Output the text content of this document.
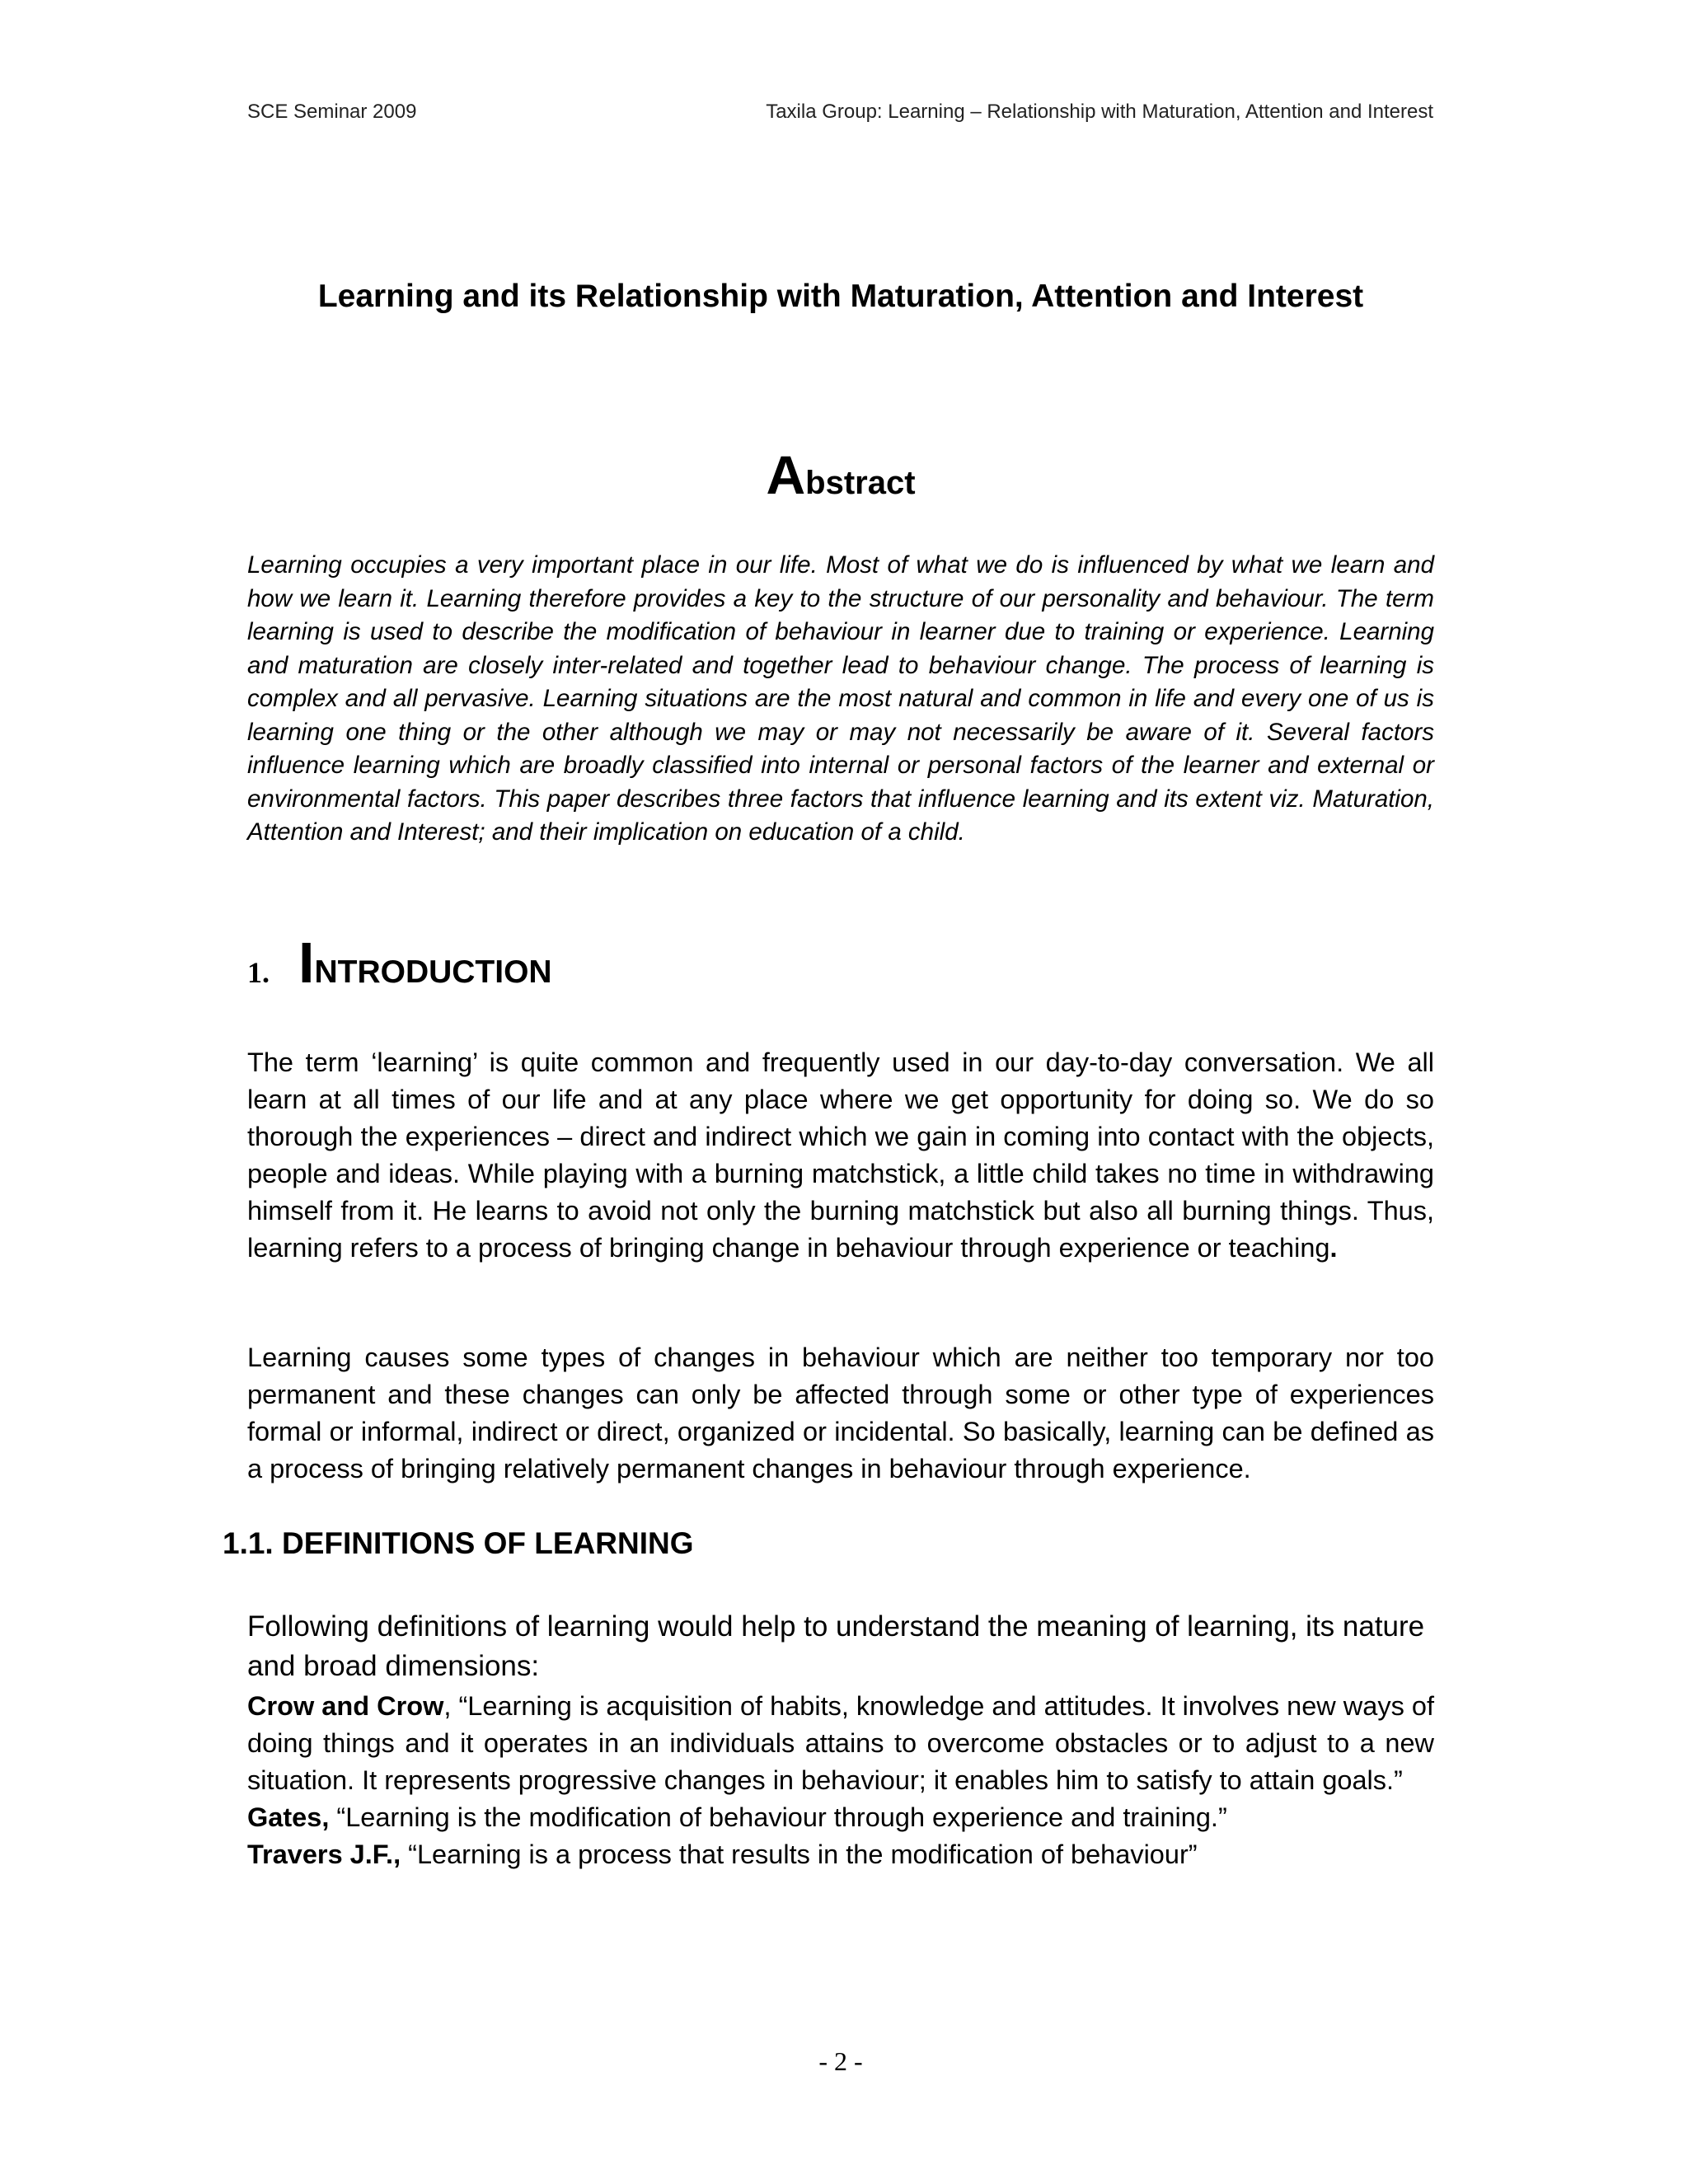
SCE Seminar 2009	Taxila Group: Learning – Relationship with Maturation, Attention and Interest
Learning and its Relationship with Maturation, Attention and Interest
Abstract
Learning occupies a very important place in our life. Most of what we do is influenced by what we learn and how we learn it. Learning therefore provides a key to the structure of our personality and behaviour. The term learning is used to describe the modification of behaviour in learner due to training or experience. Learning and maturation are closely inter-related and together lead to behaviour change. The process of learning is complex and all pervasive. Learning situations are the most natural and common in life and every one of us is learning one thing or the other although we may or may not necessarily be aware of it. Several factors influence learning which are broadly classified into internal or personal factors of the learner and external or environmental factors. This paper describes three factors that influence learning and its extent viz. Maturation, Attention and Interest; and their implication on education of a child.
1. INTRODUCTION
The term ‘learning’ is quite common and frequently used in our day-to-day conversation. We all learn at all times of our life and at any place where we get opportunity for doing so. We do so thorough the experiences – direct and indirect which we gain in coming into contact with the objects, people and ideas. While playing with a burning matchstick, a little child takes no time in withdrawing himself from it. He learns to avoid not only the burning matchstick but also all burning things. Thus, learning refers to a process of bringing change in behaviour through experience or teaching.
Learning causes some types of changes in behaviour which are neither too temporary nor too permanent and these changes can only be affected through some or other type of experiences formal or informal, indirect or direct, organized or incidental. So basically, learning can be defined as a process of bringing relatively permanent changes in behaviour through experience.
1.1. DEFINITIONS OF LEARNING
Following definitions of learning would help to understand the meaning of learning, its nature and broad dimensions:
Crow and Crow, “Learning is acquisition of habits, knowledge and attitudes. It involves new ways of doing things and it operates in an individuals attains to overcome obstacles or to adjust to a new situation. It represents progressive changes in behaviour; it enables him to satisfy to attain goals.”
Gates, “Learning is the modification of behaviour through experience and training.”
Travers J.F., “Learning is a process that results in the modification of behaviour”
- 2 -
